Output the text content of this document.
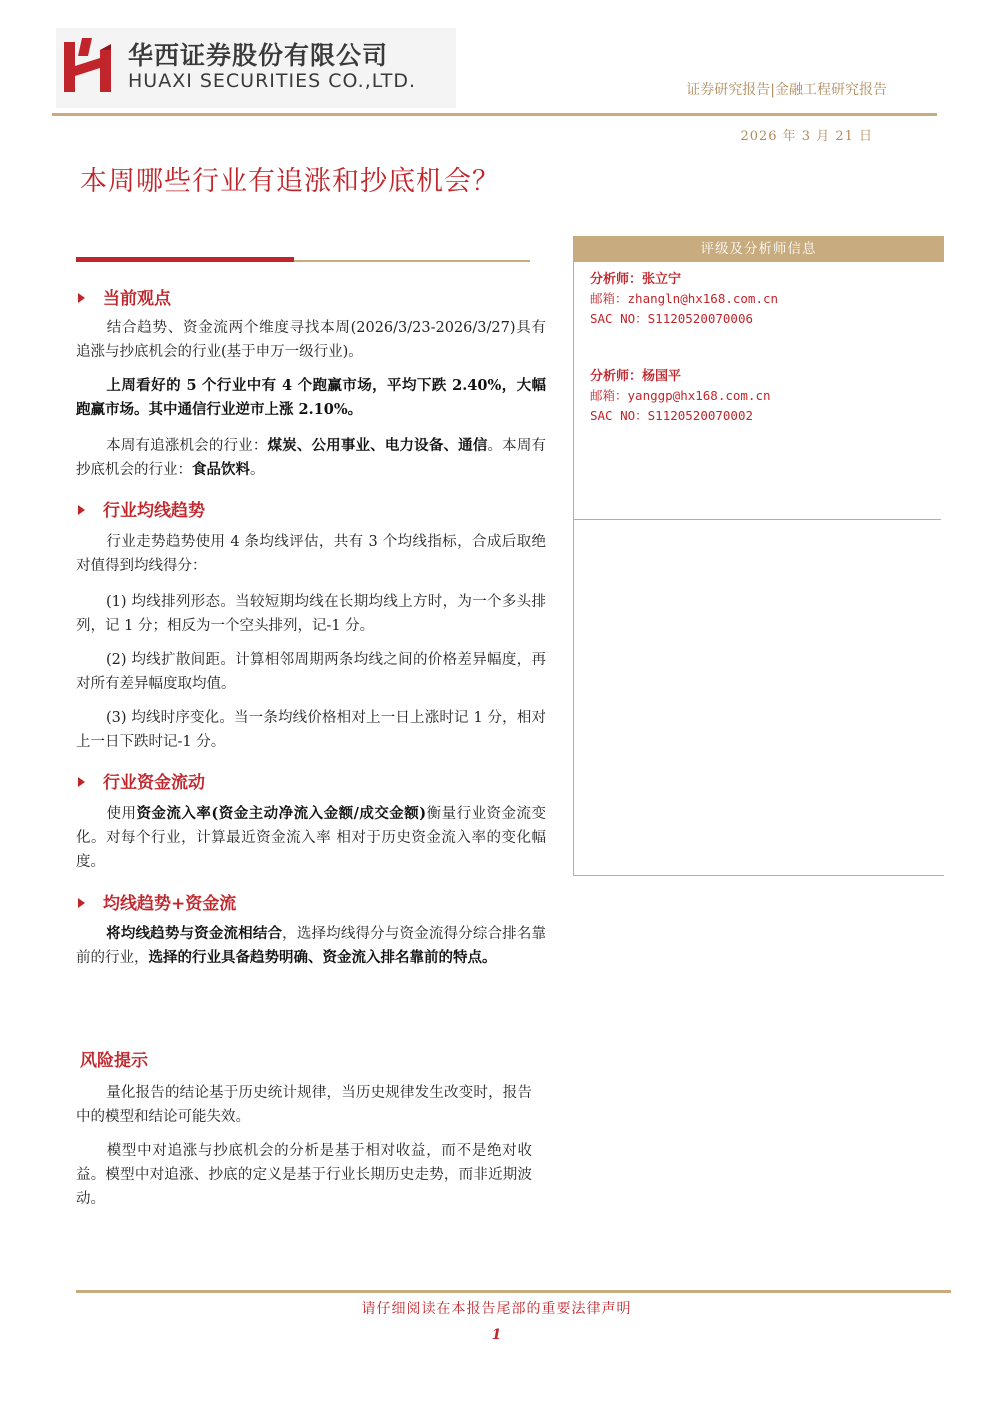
华西证券股份有限公司
HUAXI SECURITIES CO.,LTD.	证券研究报告|金融工程研究报告
2026 年 3 月 21 日
本周哪些行业有追涨和抄底机会？
当前观点
结合趋势、资金流两个维度寻找本周(2026/3/23-2026/3/27)具有追涨与抄底机会的行业(基于申万一级行业)。
上周看好的 5 个行业中有 4 个跑赢市场，平均下跌 2.40%，大幅跑赢市场。其中通信行业逆市上涨 2.10%。
本周有追涨机会的行业：煤炭、公用事业、电力设备、通信。本周有抄底机会的行业：食品饮料。
行业均线趋势
行业走势趋势使用 4 条均线评估，共有 3 个均线指标，合成后取绝对值得到均线得分：
(1) 均线排列形态。当较短期均线在长期均线上方时，为一个多头排列，记 1 分；相反为一个空头排列，记-1 分。
(2) 均线扩散间距。计算相邻周期两条均线之间的价格差异幅度，再对所有差异幅度取均值。
(3) 均线时序变化。当一条均线价格相对上一日上涨时记 1 分，相对上一日下跌时记-1 分。
行业资金流动
使用资金流入率(资金主动净流入金额/成交金额)衡量行业资金流变化。对每个行业，计算最近资金流入率 相对于历史资金流入率的变化幅度。
均线趋势+资金流
将均线趋势与资金流相结合，选择均线得分与资金流得分综合排名靠前的行业，选择的行业具备趋势明确、资金流入排名靠前的特点。
风险提示
量化报告的结论基于历史统计规律，当历史规律发生改变时，报告中的模型和结论可能失效。
模型中对追涨与抄底机会的分析是基于相对收益，而不是绝对收益。模型中对追涨、抄底的定义是基于行业长期历史走势，而非近期波动。
评级及分析师信息
分析师：张立宁
邮箱：zhangln@hx168.com.cn
SAC NO：S1120520070006
分析师：杨国平
邮箱：yanggp@hx168.com.cn
SAC NO：S1120520070002
请仔细阅读在本报告尾部的重要法律声明
1
